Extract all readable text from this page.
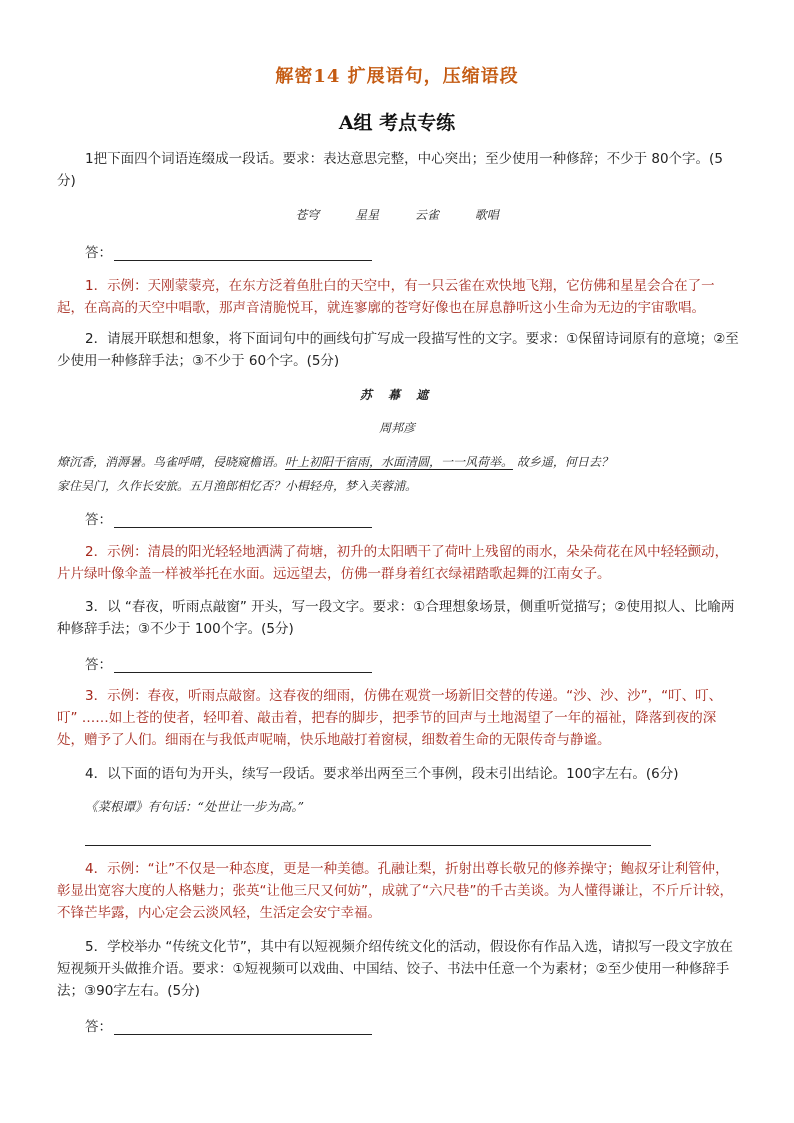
解密14 扩展语句，压缩语段
A组 考点专练
1把下面四个词语连缀成一段话。要求：表达意思完整，中心突出；至少使用一种修辞；不少于 80个字。(5分)
苍穹	星星	云雀	歌唱
答：
1．示例：天刚蒙蒙亮，在东方泛着鱼肚白的天空中，有一只云雀在欢快地飞翔，它仿佛和星星会合在了一起，在高高的天空中唱歌，那声音清脆悦耳，就连寥廓的苍穹好像也在屏息静听这小生命为无边的宇宙歌唱。
2．请展开联想和想象，将下面词句中的画线句扩写成一段描写性的文字。要求：①保留诗词原有的意境；②至少使用一种修辞手法；③不少于 60个字。(5分)
苏 幕 遮
周邦彦
燎沉香，消溽暑。鸟雀呼晴，侵晓窥檐语。叶上初阳干宿雨，水面清圆，一一风荷举。 故乡遥，何日去？
家住吴门，久作长安旅。五月渔郎相忆否？小楫轻舟，梦入芙蓉浦。
答：
2．示例：清晨的阳光轻轻地洒满了荷塘，初升的太阳晒干了荷叶上残留的雨水，朵朵荷花在风中轻轻颤动，片片绿叶像伞盖一样被举托在水面。远远望去，仿佛一群身着红衣绿裙踏歌起舞的江南女子。
3．以 “春夜，听雨点敲窗” 开头，写一段文字。要求：①合理想象场景，侧重听觉描写；②使用拟人、比喻两种修辞手法；③不少于 100个字。(5分)
答：
3．示例：春夜，听雨点敲窗。这春夜的细雨，仿佛在观赏一场新旧交替的传递。“沙、沙、沙”，“叮、叮、叮” ……如上苍的使者，轻叩着、敲击着，把春的脚步，把季节的回声与土地渴望了一年的福祉，降落到夜的深处，赠予了人们。细雨在与我低声呢喃，快乐地敲打着窗棂，细数着生命的无限传奇与静谧。
4．以下面的语句为开头，续写一段话。要求举出两至三个事例，段末引出结论。100字左右。(6分)
《菜根谭》有句话：“处世让一步为高。”
4．示例：“让”不仅是一种态度，更是一种美德。孔融让梨，折射出尊长敬兄的修养操守；鲍叔牙让利管仲，彰显出宽容大度的人格魅力；张英“让他三尺又何妨”，成就了“六尺巷”的千古美谈。为人懂得谦让，不斤斤计较，不锋芒毕露，内心定会云淡风轻，生活定会安宁幸福。
5．学校举办 “传统文化节”，其中有以短视频介绍传统文化的活动，假设你有作品入选，请拟写一段文字放在短视频开头做推介语。要求：①短视频可以戏曲、中国结、饺子、书法中任意一个为素材；②至少使用一种修辞手法；③90字左右。(5分)
答：
